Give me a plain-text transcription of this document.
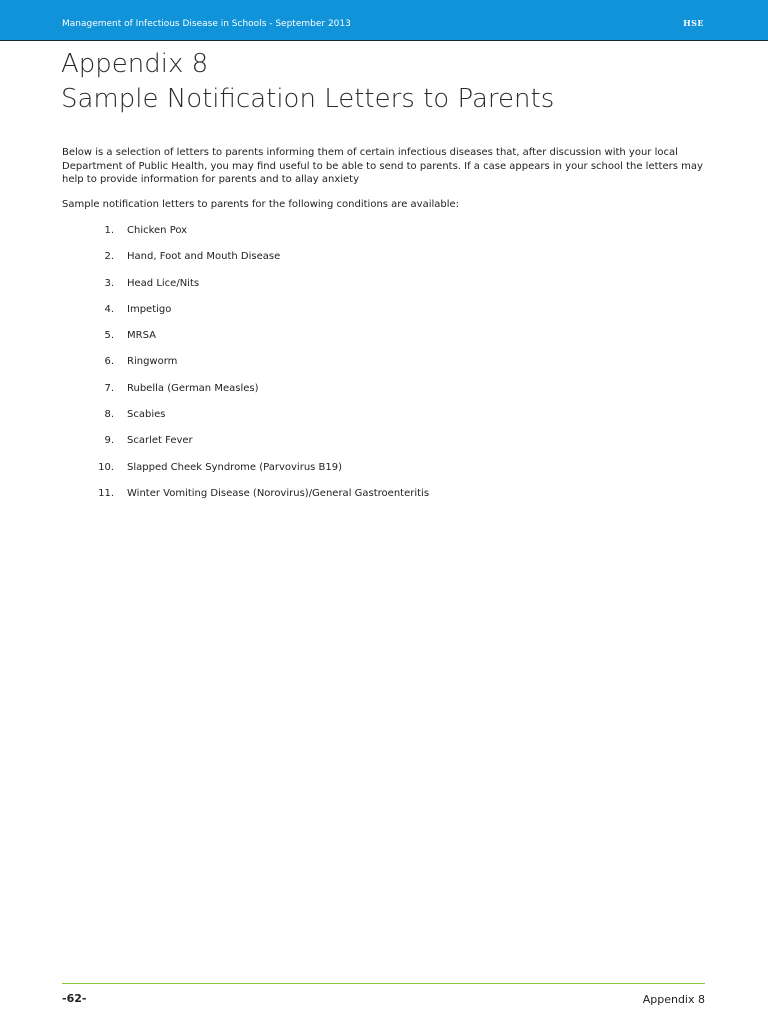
Management of Infectious Disease in Schools - September 2013	HSE
Appendix 8
Sample Notification Letters to Parents

Below is a selection of letters to parents informing them of certain infectious diseases that, after discussion with your local Department of Public Health, you may find useful to be able to send to parents. If a case appears in your school the letters may help to provide information for parents and to allay anxiety

Sample notification letters to parents for the following conditions are available:

1. Chicken Pox
2. Hand, Foot and Mouth Disease
3. Head Lice/Nits
4. Impetigo
5. MRSA
6. Ringworm
7. Rubella (German Measles)
8. Scabies
9. Scarlet Fever
10. Slapped Cheek Syndrome (Parvovirus B19)
11. Winter Vomiting Disease (Norovirus)/General Gastroenteritis
-62-	Appendix 8
